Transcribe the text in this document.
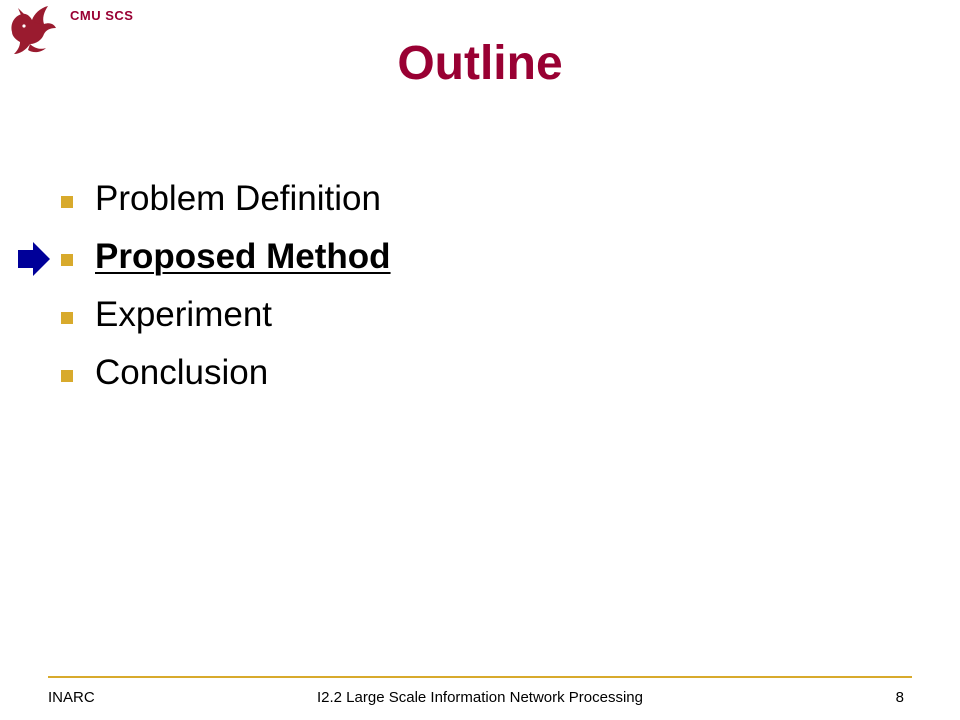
CMU SCS
Outline
Problem Definition
Proposed Method
Experiment
Conclusion
INARC	I2.2 Large Scale Information Network Processing	8
